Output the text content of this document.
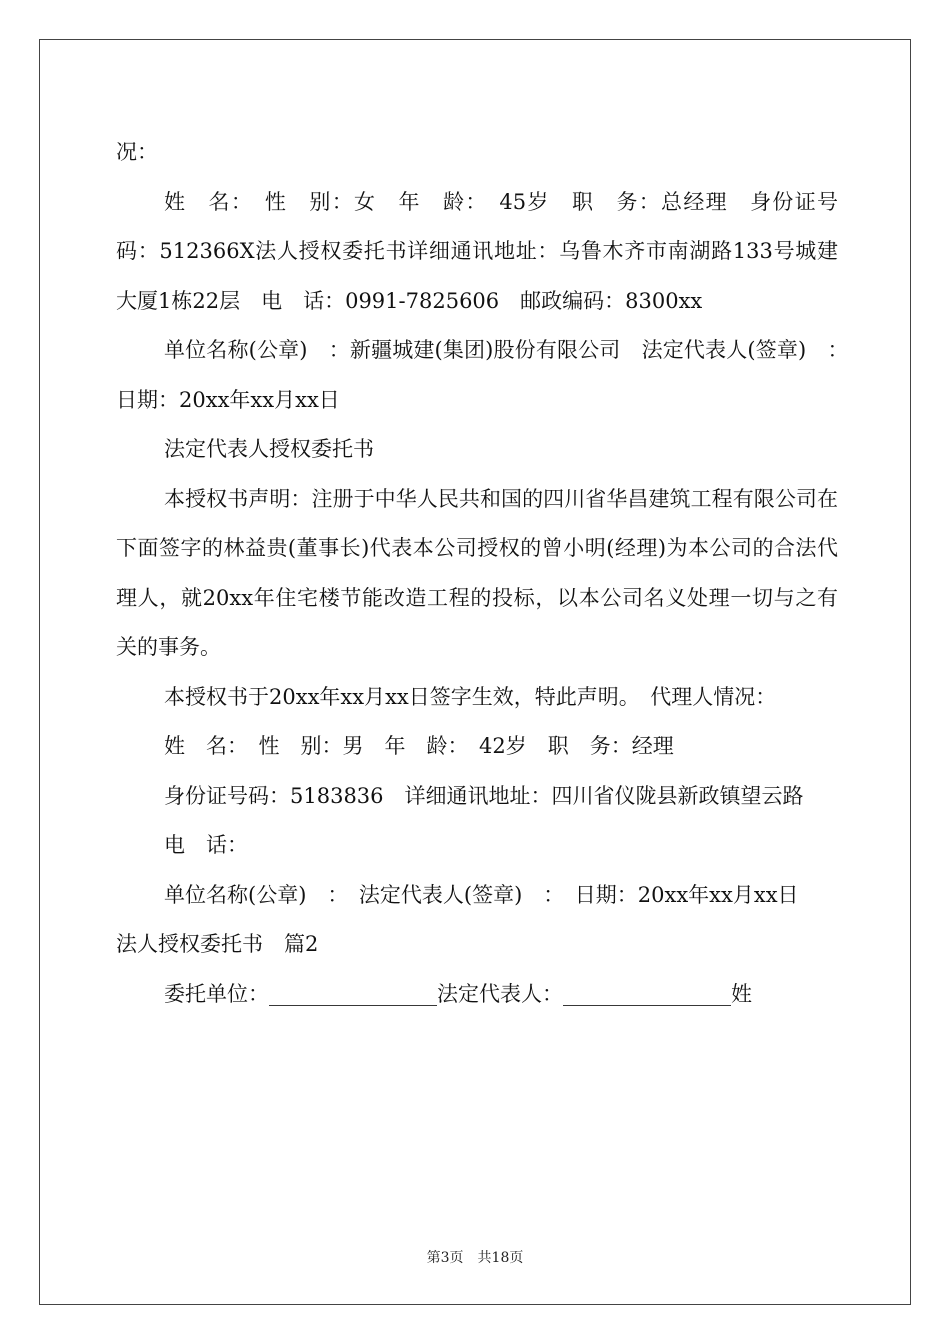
况：

姓　名：　性　别：女　年　龄：　45岁　职　务：总经理　身份证号码：512366X法人授权委托书详细通讯地址：乌鲁木齐市南湖路133号城建大厦1栋22层　电　话：0991-7825606　邮政编码：8300xx

单位名称(公章)　：新疆城建(集团)股份有限公司　法定代表人(签章)　：　日期：20xx年xx月xx日

法定代表人授权委托书

本授权书声明：注册于中华人民共和国的四川省华昌建筑工程有限公司在下面签字的林益贵(董事长)代表本公司授权的曾小明(经理)为本公司的合法代理人，就20xx年住宅楼节能改造工程的投标，以本公司名义处理一切与之有关的事务。

本授权书于20xx年xx月xx日签字生效，特此声明。　代理人情况：

姓　名：　性　别：男　年　龄：　42岁　职　务：经理

身份证号码：5183836　详细通讯地址：四川省仪陇县新政镇望云路

电　话：

单位名称(公章)　：　法定代表人(签章)　：　日期：20xx年xx月xx日

法人授权委托书　篇2

委托单位：________________法定代表人：________________姓

第3页　共18页
